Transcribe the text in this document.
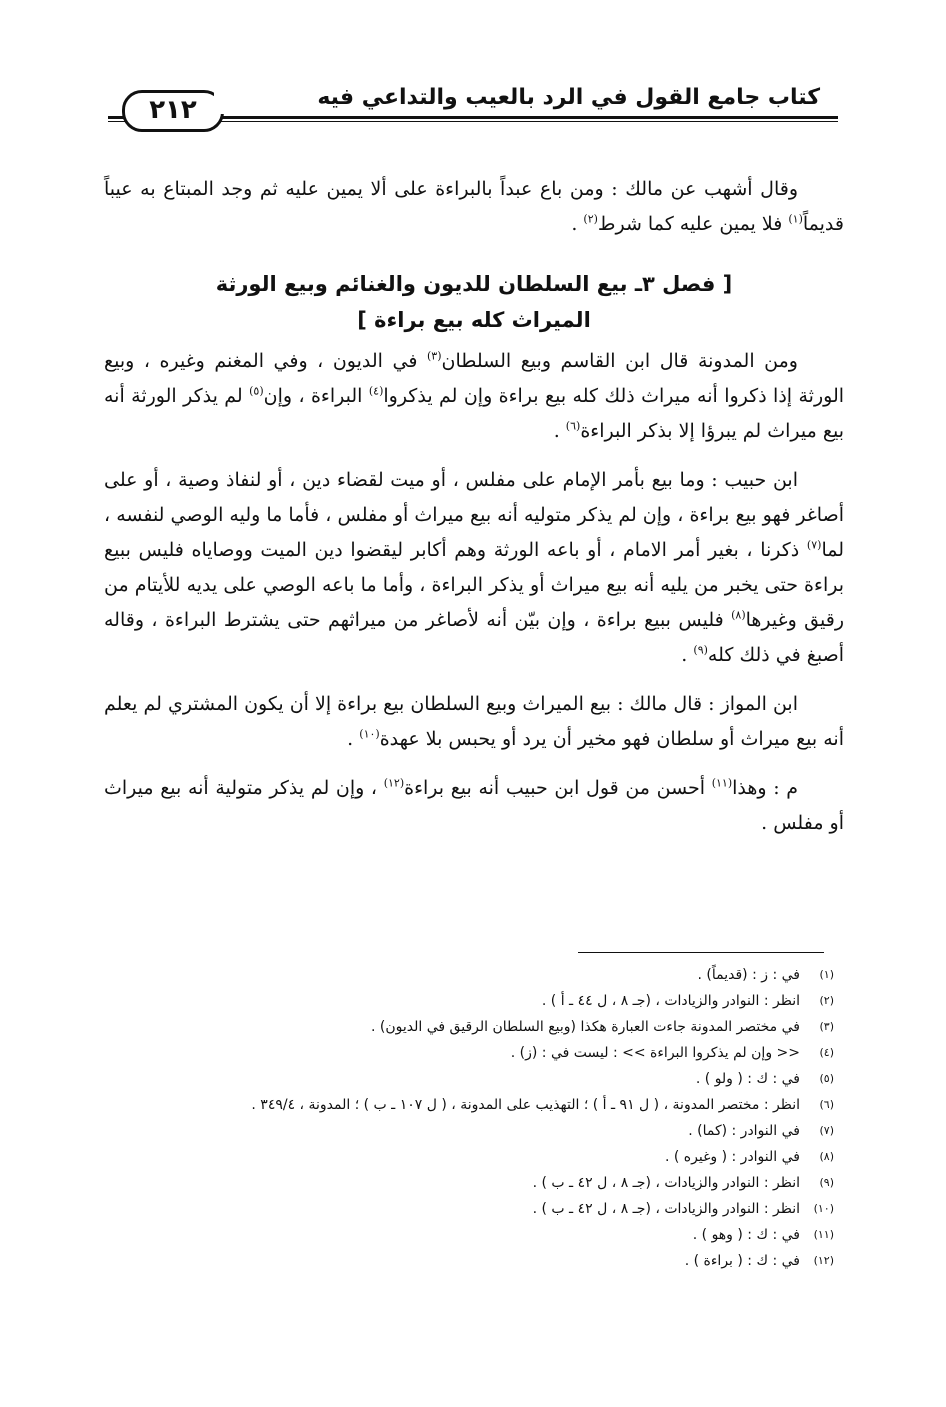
٢١٢	كتاب جامع القول في الرد بالعيب والتداعي فيه

وقال أشهب عن مالك : ومن باع عبداً بالبراءة على ألا يمين عليه ثم وجد المبتاع به عيباً قديماً$^{(١)}$ فلا يمين عليه كما شرط$^{(٢)}$ .

[ فصل ٣ـ بيع السلطان للديون والغنائم وبيع الورثة
الميراث كله بيع براءة ]

ومن المدونة قال ابن القاسم وبيع السلطان$^{(٣)}$ في الديون ، وفي المغنم وغيره ، وبيع الورثة إذا ذكروا أنه ميراث ذلك كله بيع براءة وإن لم يذكروا$^{(٤)}$ البراءة ، وإن$^{(٥)}$ لم يذكر الورثة أنه بيع ميراث لم يبرؤا إلا بذكر البراءة$^{(٦)}$ .

ابن حبيب : وما بيع بأمر الإمام على مفلس ، أو ميت لقضاء دين ، أو لنفاذ وصية ، أو على أصاغر فهو بيع براءة ، وإن لم يذكر متوليه أنه بيع ميراث أو مفلس ، فأما ما وليه الوصي لنفسه ، لما$^{(٧)}$ ذكرنا ، بغير أمر الامام ، أو باعه الورثة وهم أكابر ليقضوا دين الميت ووصاياه فليس ببيع براءة حتى يخبر من يليه أنه بيع ميراث أو يذكر البراءة ، وأما ما باعه الوصي على يديه للأيتام من رقيق وغيرها$^{(٨)}$ فليس ببيع براءة ، وإن بيّن أنه لأصاغر من ميراثهم حتى يشترط البراءة ، وقاله أصبغ في ذلك كله$^{(٩)}$ .

ابن المواز : قال مالك : بيع الميراث وبيع السلطان بيع براءة إلا أن يكون المشتري لم يعلم أنه بيع ميراث أو سلطان فهو مخير أن يرد أو يحبس بلا عهدة$^{(١٠)}$ .

م : وهذا$^{(١١)}$ أحسن من قول ابن حبيب أنه بيع براءة$^{(١٢)}$ ، وإن لم يذكر متولية أنه بيع ميراث أو مفلس .

(١)
في : ز : (قديماً) .
(٢)
انظر : النوادر والزيادات ، (جـ ٨ ، ل ٤٤ ـ أ ) .
(٣)
في مختصر المدونة جاءت العبارة هكذا (وبيع السلطان الرقيق في الديون) .
(٤)
<< وإن لم يذكروا البراءة >> : ليست في : (ز) .
(٥)
في : ك : ( ولو ) .
(٦)
انظر : مختصر المدونة ، ( ل ٩١ ـ أ ) ؛ التهذيب على المدونة ، ( ل ١٠٧ ـ ب ) ؛ المدونة ، ٣٤٩/٤ .
(٧)
في النوادر : (كما) .
(٨)
في النوادر : ( وغيره ) .
(٩)
انظر : النوادر والزيادات ، (جـ ٨ ، ل ٤٢ ـ ب ) .
(١٠)
انظر : النوادر والزيادات ، (جـ ٨ ، ل ٤٢ ـ ب ) .
(١١)
في : ك : ( وهو ) .
(١٢)
في : ك : ( براءة ) .
